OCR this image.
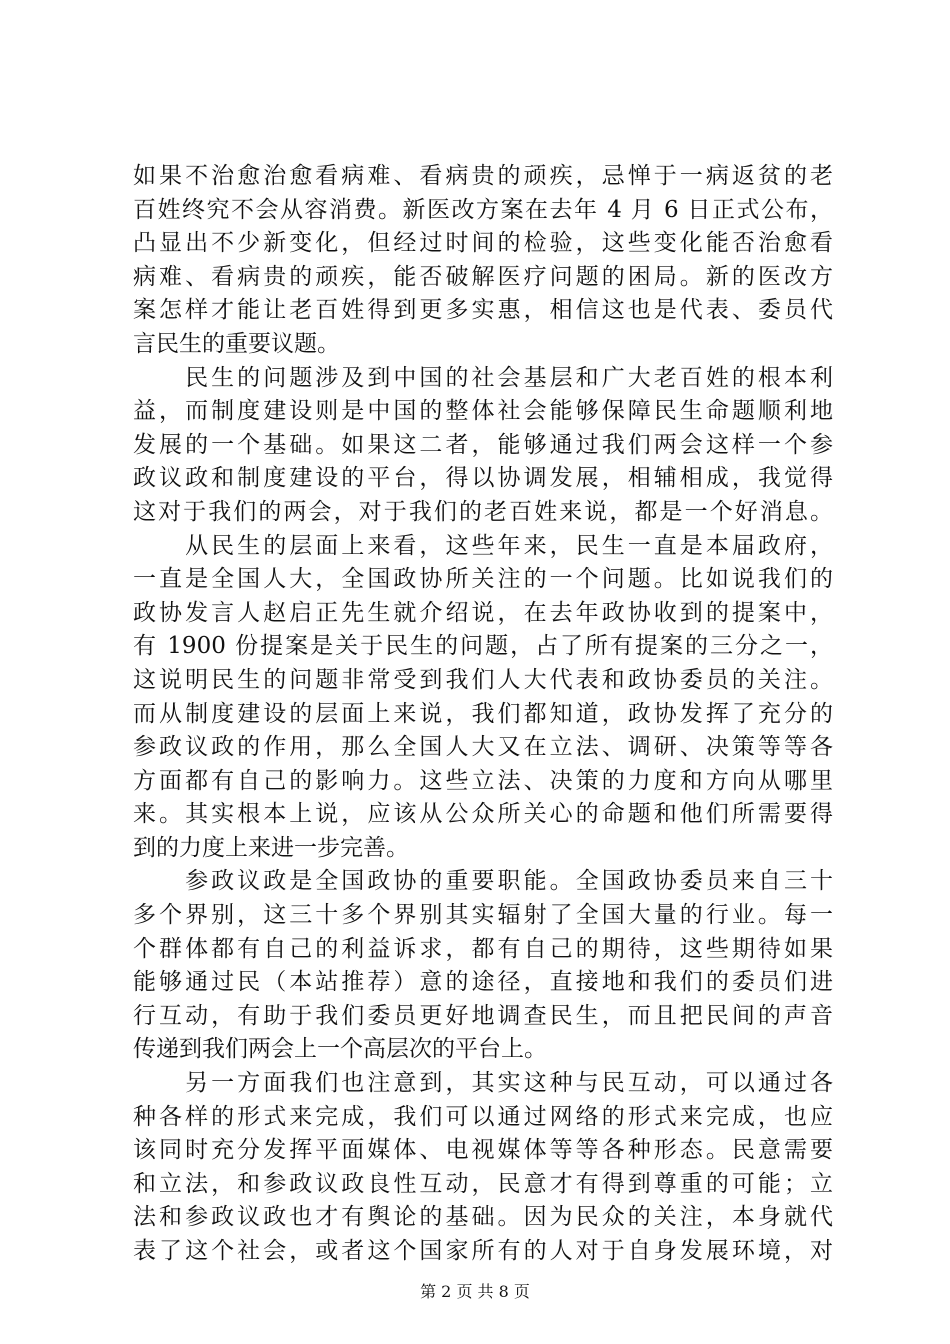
如果不治愈治愈看病难、看病贵的顽疾，忌惮于一病返贫的老
百姓终究不会从容消费。新医改方案在去年 4 月 6 日正式公布，
凸显出不少新变化，但经过时间的检验，这些变化能否治愈看
病难、看病贵的顽疾，能否破解医疗问题的困局。新的医改方
案怎样才能让老百姓得到更多实惠，相信这也是代表、委员代
言民生的重要议题。
　　民生的问题涉及到中国的社会基层和广大老百姓的根本利
益，而制度建设则是中国的整体社会能够保障民生命题顺利地
发展的一个基础。如果这二者，能够通过我们两会这样一个参
政议政和制度建设的平台，得以协调发展，相辅相成，我觉得
这对于我们的两会，对于我们的老百姓来说，都是一个好消息。
　　从民生的层面上来看，这些年来，民生一直是本届政府，
一直是全国人大，全国政协所关注的一个问题。比如说我们的
政协发言人赵启正先生就介绍说，在去年政协收到的提案中，
有 1900 份提案是关于民生的问题，占了所有提案的三分之一，
这说明民生的问题非常受到我们人大代表和政协委员的关注。
而从制度建设的层面上来说，我们都知道，政协发挥了充分的
参政议政的作用，那么全国人大又在立法、调研、决策等等各
方面都有自己的影响力。这些立法、决策的力度和方向从哪里
来。其实根本上说，应该从公众所关心的命题和他们所需要得
到的力度上来进一步完善。
　　参政议政是全国政协的重要职能。全国政协委员来自三十
多个界别，这三十多个界别其实辐射了全国大量的行业。每一
个群体都有自己的利益诉求，都有自己的期待，这些期待如果
能够通过民（本站推荐）意的途径，直接地和我们的委员们进
行互动，有助于我们委员更好地调查民生，而且把民间的声音
传递到我们两会上一个高层次的平台上。
　　另一方面我们也注意到，其实这种与民互动，可以通过各
种各样的形式来完成，我们可以通过网络的形式来完成，也应
该同时充分发挥平面媒体、电视媒体等等各种形态。民意需要
和立法，和参政议政良性互动，民意才有得到尊重的可能；立
法和参政议政也才有舆论的基础。因为民众的关注，本身就代
表了这个社会，或者这个国家所有的人对于自身发展环境，对
第 2 页 共 8 页
